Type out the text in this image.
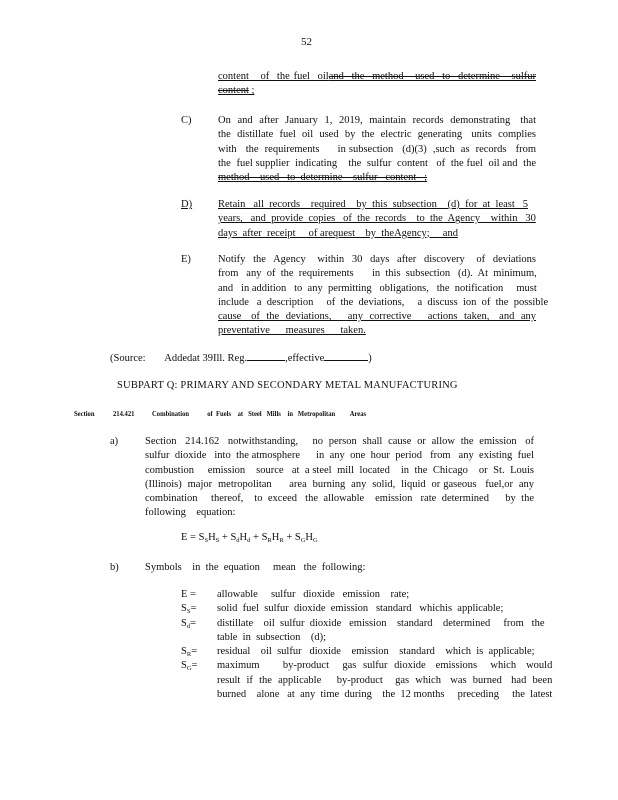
52
content   of  the fuel  oiland  the  method   used  to  determine   sulfur
content ;
C)	On  and  after  January  1,  2019,  maintain  records  demonstrating   that
the  distillate  fuel  oil  used  by  the  electric  generating   units  complies
with   the  requirements      in subsection   (d)(3)  ,such  as  records   from
the  fuel supplier  indicating    the  sulfur  content   of  the fuel  oil and  the
method    used   to  determine    sulfur   content   ;
D) Retain   all  records    required    by  this  subsection    (d)  for  at  least   5
years,   and  provide  copies   of  the  records    to  the  Agency    within   30
days  after  receipt     of arequest    by  theAgency;     and
E)	Notify  the  Agency   within  30  days  after  discovery   of  deviations
from   any  of  the  requirements       in  this  subsection   (d).  At  minimum,
and   in addition   to  any  permitting   obligations,   the  notification     must
include   a  description     of  the  deviations,     a  discuss  ion  of  the  possible
cause   of  the  deviations,     any  corrective     actions  taken,   and  any
preventative      measures      taken.
(Source: Addedat 39Ill. Reg.	,effective	)
SUBPART Q: PRIMARY AND SECONDARY METAL MANUFACTURING
Section 214.421 Combination           of  Fuels    at   Steel   Mills    in   Metropolitan         Areas
a)	Section   214.162   notwithstanding,     no  person  shall  cause  or  allow  the  emission   of
sulfur  dioxide   into  the atmosphere      in  any  one  hour  period   from   any  existing  fuel
combustion     emission    source   at  a steel  mill  located    in  the  Chicago    or  St.  Louis
(Illinois)  major  metropolitan      area  burning  any  solid,  liquid  or gaseous   fuel,or  any
combination     thereof,    to  exceed   the  allowable    emission   rate  determined      by  the
following    equation:
$E = S_SH_S + S_dH_d + S_RH_R + S_GH_G$
b)	Symbols    in  the  equation     mean   the  following:
E =	allowable     sulfur   dioxide   emission    rate;
$S_S=$	solid  fuel  sulfur  dioxide  emission   standard   whichis  applicable;
$S_d=$	distillate    oil  sulfur  dioxide   emission    standard    determined     from   the
table  in  subsection    (d);
$S_R=$	residual    oil  sulfur   dioxide    emission    standard    which  is  applicable;
$S_G=$	maximum       by-product    gas  sulfur  dioxide   emissions    which   would
result  if  the  applicable     by-product    gas  which   was  burned   had  been
burned    alone   at  any  time  during    the  12 months     preceding     the  latest
